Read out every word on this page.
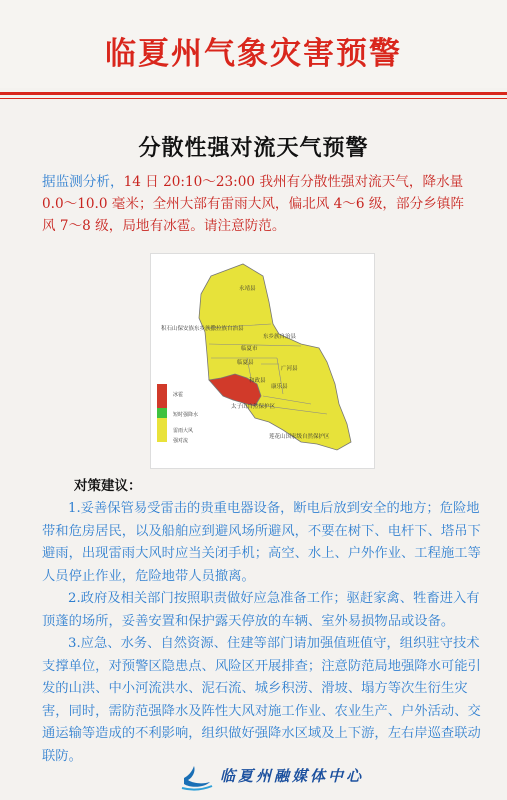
临夏州气象灾害预警
分散性强对流天气预警
据监测分析，14 日 20:10～23:00 我州有分散性强对流天气，降水量 0.0～10.0 毫米；全州大部有雷雨大风，偏北风 4～6 级，部分乡镇阵风 7～8 级，局地有冰雹。请注意防范。
永靖县
积石山保安族东乡族撒拉族自治县
东乡族自治县
临夏市
临夏县
广河县
和政县
康乐县
太子山自然保护区
莲花山国家级自然保护区
冰雹
短时强降水
雷雨大风
强对流
对策建议：

1.妥善保管易受雷击的贵重电器设备，断电后放到安全的地方；危险地带和危房居民，以及船舶应到避风场所避风，不要在树下、电杆下、塔吊下避雨，出现雷雨大风时应当关闭手机；高空、水上、户外作业、工程施工等人员停止作业，危险地带人员撤离。

2.政府及相关部门按照职责做好应急准备工作；驱赶家禽、牲畜进入有顶蓬的场所，妥善安置和保护露天停放的车辆、室外易损物品或设备。

3.应急、水务、自然资源、住建等部门请加强值班值守，组织驻守技术支撑单位，对预警区隐患点、风险区开展排查；注意防范局地强降水可能引发的山洪、中小河流洪水、泥石流、城乡积涝、滑坡、塌方等次生衍生灾害，同时，需防范强降水及阵性大风对施工作业、农业生产、户外活动、交通运输等造成的不利影响，组织做好强降水区域及上下游，左右岸巡查联动联防。

临夏州融媒体中心
